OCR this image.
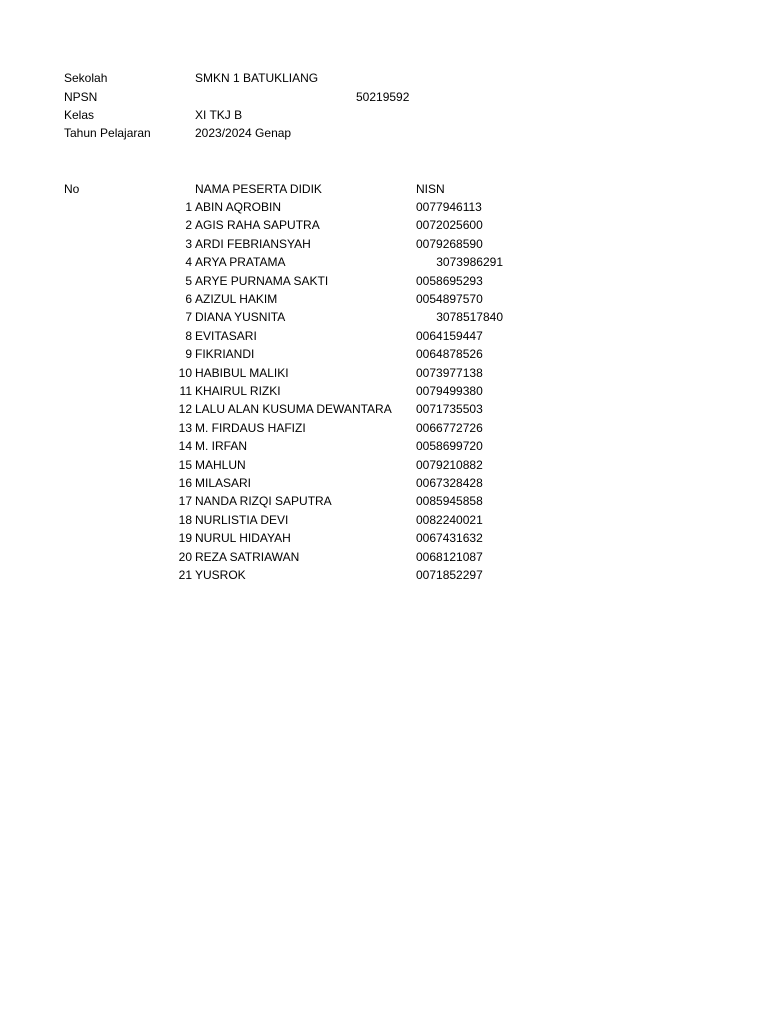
Sekolah	SMKN 1 BATUKLIANG
NPSN	50219592
Kelas	XI TKJ B
Tahun Pelajaran	2023/2024 Genap
No	NAMA PESERTA DIDIK	NISN
1 ABIN AQROBIN	0077946113
2 AGIS RAHA SAPUTRA	0072025600
3 ARDI FEBRIANSYAH	0079268590
4 ARYA PRATAMA	3073986291
5 ARYE PURNAMA SAKTI	0058695293
6 AZIZUL HAKIM	0054897570
7 DIANA YUSNITA	3078517840
8 EVITASARI	0064159447
9 FIKRIANDI	0064878526
10 HABIBUL MALIKI	0073977138
11 KHAIRUL RIZKI	0079499380
12 LALU ALAN KUSUMA DEWANTARA 0071735503
13 M. FIRDAUS HAFIZI	0066772726
14 M. IRFAN	0058699720
15 MAHLUN	0079210882
16 MILASARI	0067328428
17 NANDA RIZQI SAPUTRA	0085945858
18 NURLISTIA DEVI	0082240021
19 NURUL HIDAYAH	0067431632
20 REZA SATRIAWAN	0068121087
21 YUSROK	0071852297
